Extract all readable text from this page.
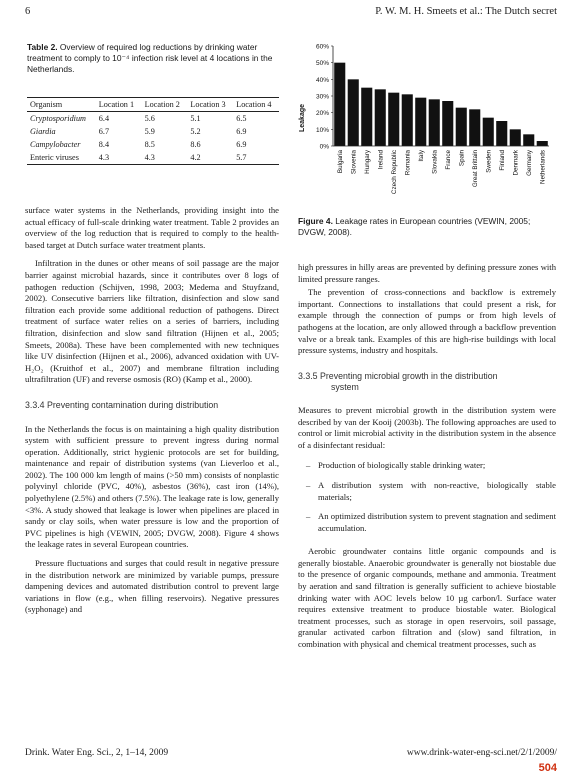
6	P. W. M. H. Smeets et al.: The Dutch secret
Table 2. Overview of required log reductions by drinking water treatment to comply to 10⁻⁴ infection risk level at 4 locations in the Netherlands.
Organism	Location 1	Location 2	Location 3	Location 4
Cryptosporidium	6.4	5.6	5.1	6.5
Giardia	6.7	5.9	5.2	6.9
Campylobacter	8.4	8.5	8.6	6.9
Enteric viruses	4.3	4.3	4.2	5.7
Leakage
0%
10%
20%
30%
40%
50%
60%
Bulgaria Slovenia Hungary Ireland Czech Republic Romania Italy Slovakia France Spain Great Brittain Sweden Finland Denmark Germany Netherlands
Figure 4. Leakage rates in European countries (VEWIN, 2005; DVGW, 2008).

surface water systems in the Netherlands, providing insight into the actual efficacy of full-scale drinking water treatment. Table 2 provides an overview of the log reduction that is required to comply to the health-based target at Dutch surface water treatment plants.

Infiltration in the dunes or other means of soil passage are the major barrier against microbial hazards, since it contributes over 8 logs of pathogen reduction (Schijven, 1998, 2003; Medema and Stuyfzand, 2002). Consecutive barriers like filtration, disinfection and slow sand filtration each provide some additional reduction of pathogens. Direct treatment of surface water relies on a series of barriers, including filtration, disinfection and slow sand filtration (Hijnen et al., 2005; Smeets, 2008a). These have been complemented with new techniques like UV disinfection (Hijnen et al., 2006), advanced oxidation with UV-H₂O₂ (Kruithof et al., 2007) and membrane filtration including ultrafiltration (UF) and reverse osmosis (RO) (Kamp et al., 2000).

3.3.4 Preventing contamination during distribution

In the Netherlands the focus is on maintaining a high quality distribution system with sufficient pressure to prevent ingress during normal operation. Additionally, strict hygienic protocols are set for building, maintenance and repair of distribution systems (van Lieverloo et al., 2002). The 100 000 km length of mains (>50 mm) consists of nonplastic polyvinyl chloride (PVC, 40%), asbestos (36%), cast iron (14%), polyethylene (2.5%) and others (7.5%). The leakage rate is low, generally <3%. A study showed that leakage is lower when pipelines are placed in sandy or clay soils, when water pressure is low and the proportion of PVC pipelines is high (VEWIN, 2005; DVGW, 2008). Figure 4 shows the leakage rates in several European countries.

Pressure fluctuations and surges that could result in negative pressure in the distribution network are minimized by variable pumps, pressure dampening devices and automated distribution control to prevent large variations in flow (e.g., when filling reservoirs). Negative pressures (syphonage) and

high pressures in hilly areas are prevented by defining pressure zones with limited pressure ranges.

The prevention of cross-connections and backflow is extremely important. Connections to installations that could present a risk, for example through the connection of pumps or from high levels of pathogens at the location, are only allowed through a backflow prevention valve or a break tank. Examples of this are high-rise buildings with local pressure systems, industry and hospitals.

3.3.5 Preventing microbial growth in the distribution

system

Measures to prevent microbial growth in the distribution system were described by van der Kooij (2003b). The following approaches are used to control or limit microbial activity in the distribution system in the absence of a disinfectant residual:

– Production of biologically stable drinking water;
– A distribution system with non-reactive, biologically stable materials;
– An optimized distribution system to prevent stagnation and sediment accumulation.

Aerobic groundwater contains little organic compounds and is generally biostable. Anaerobic groundwater is generally not biostable due to the presence of organic compounds, methane and ammonia. Treatment by aeration and sand filtration is generally sufficient to achieve biostable drinking water with AOC levels below 10 µg carbon/l. Surface water requires extensive treatment to produce biostable water. Biological treatment processes, such as storage in open reservoirs, soil passage, granular activated carbon filtration and (slow) sand filtration, in combination with physical and chemical treatment processes, such as

Drink. Water Eng. Sci., 2, 1–14, 2009	www.drink-water-eng-sci.net/2/1/2009/
504
